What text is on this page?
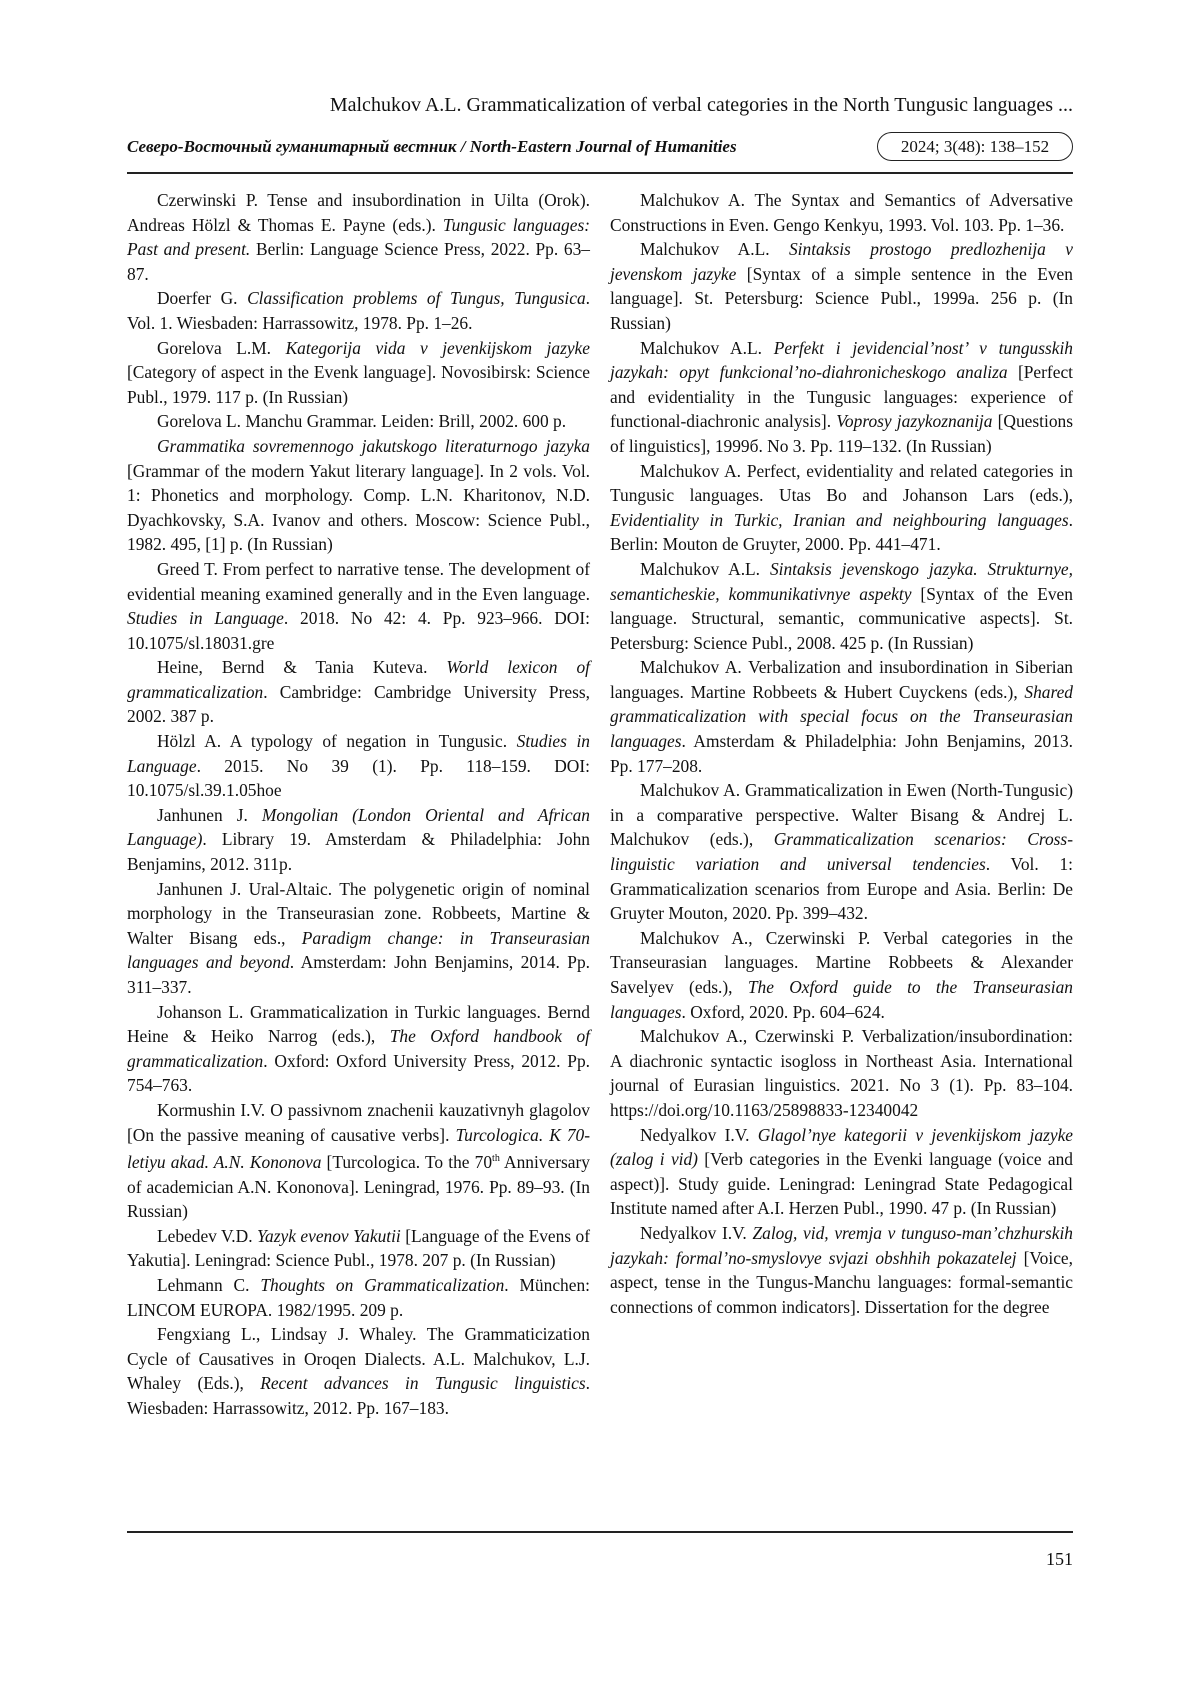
Malchukov A.L. Grammaticalization of verbal categories in the North Tungusic languages ...
Северо-Восточный гуманитарный вестник / North-Eastern Journal of Humanities	2024; 3(48): 138–152

Czerwinski P. Tense and insubordination in Uilta (Orok). Andreas Hölzl & Thomas E. Payne (eds.). Tungusic languages: Past and present. Berlin: Language Science Press, 2022. Pp. 63–87.

Doerfer G. Classification problems of Tungus, Tungusica. Vol. 1. Wiesbaden: Harrassowitz, 1978. Pp. 1–26.

Gorelova L.M. Kategorija vida v jevenkijskom jazyke [Category of aspect in the Evenk language]. Novosibirsk: Science Publ., 1979. 117 p. (In Russian)

Gorelova L. Manchu Grammar. Leiden: Brill, 2002. 600 p.

Grammatika sovremennogo jakutskogo literaturnogo jazyka [Grammar of the modern Yakut literary language]. In 2 vols. Vol. 1: Phonetics and morphology. Comp. L.N. Kharitonov, N.D. Dyachkovsky, S.A. Ivanov and others. Moscow: Science Publ., 1982. 495, [1] p. (In Russian)

Greed T. From perfect to narrative tense. The development of evidential meaning examined generally and in the Even language. Studies in Language. 2018. No 42: 4. Pp. 923–966. DOI: 10.1075/sl.18031.gre

Heine, Bernd & Tania Kuteva. World lexicon of grammaticalization. Cambridge: Cambridge University Press, 2002. 387 p.

Hölzl A. A typology of negation in Tungusic. Studies in Language. 2015. No 39 (1). Pp. 118–159. DOI: 10.1075/sl.39.1.05hoe

Janhunen J. Mongolian (London Oriental and African Language). Library 19. Amsterdam & Philadelphia: John Benjamins, 2012. 311p.

Janhunen J. Ural-Altaic. The polygenetic origin of nominal morphology in the Transeurasian zone. Robbeets, Martine & Walter Bisang eds., Paradigm change: in Transeurasian languages and beyond. Amsterdam: John Benjamins, 2014. Pp. 311–337.

Johanson L. Grammaticalization in Turkic languages. Bernd Heine & Heiko Narrog (eds.), The Oxford handbook of grammaticalization. Oxford: Oxford University Press, 2012. Pp. 754–763.

Kormushin I.V. O passivnom znachenii kauzativnyh glagolov [On the passive meaning of causative verbs]. Turcologica. K 70-letiyu akad. A.N. Kononova [Turcologica. To the 70th Anniversary of academician A.N. Kononova]. Leningrad, 1976. Pp. 89–93. (In Russian)

Lebedev V.D. Yazyk evenov Yakutii [Language of the Evens of Yakutia]. Leningrad: Science Publ., 1978. 207 p. (In Russian)

Lehmann C. Thoughts on Grammaticalization. München: LINCOM EUROPA. 1982/1995. 209 p.

Fengxiang L., Lindsay J. Whaley. The Grammaticization Cycle of Causatives in Oroqen Dialects. A.L. Malchukov, L.J. Whaley (Eds.), Recent advances in Tungusic linguistics. Wiesbaden: Harrassowitz, 2012. Pp. 167–183.

Malchukov A. The Syntax and Semantics of Adversative Constructions in Even. Gengo Kenkyu, 1993. Vol. 103. Pp. 1–36.

Malchukov A.L. Sintaksis prostogo predlozhenija v jevenskom jazyke [Syntax of a simple sentence in the Even language]. St. Petersburg: Science Publ., 1999a. 256 p. (In Russian)

Malchukov A.L. Perfekt i jevidencial’nost’ v tungusskih jazykah: opyt funkcional’no-diahronicheskogo analiza [Perfect and evidentiality in the Tungusic languages: experience of functional-diachronic analysis]. Voprosy jazykoznanija [Questions of linguistics], 1999б. No 3. Pp. 119–132. (In Russian)

Malchukov A. Perfect, evidentiality and related categories in Tungusic languages. Utas Bo and Johanson Lars (eds.), Evidentiality in Turkic, Iranian and neighbouring languages. Berlin: Mouton de Gruyter, 2000. Pp. 441–471.

Malchukov A.L. Sintaksis jevenskogo jazyka. Strukturnye, semanticheskie, kommunikativnye aspekty [Syntax of the Even language. Structural, semantic, communicative aspects]. St. Petersburg: Science Publ., 2008. 425 p. (In Russian)

Malchukov A. Verbalization and insubordination in Siberian languages. Martine Robbeets & Hubert Cuyckens (eds.), Shared grammaticalization with special focus on the Transeurasian languages. Amsterdam & Philadelphia: John Benjamins, 2013. Pp. 177–208.

Malchukov A. Grammaticalization in Ewen (North-Tungusic) in a comparative perspective. Walter Bisang & Andrej L. Malchukov (eds.), Grammaticalization scenarios: Cross-linguistic variation and universal tendencies. Vol. 1: Grammaticalization scenarios from Europe and Asia. Berlin: De Gruyter Mouton, 2020. Pp. 399–432.

Malchukov A., Czerwinski P. Verbal categories in the Transeurasian languages. Martine Robbeets & Alexander Savelyev (eds.), The Oxford guide to the Transeurasian languages. Oxford, 2020. Pp. 604–624.

Malchukov A., Czerwinski P. Verbalization/insubordination: A diachronic syntactic isogloss in Northeast Asia. International journal of Eurasian linguistics. 2021. No 3 (1). Pp. 83–104. https://doi.org/10.1163/25898833-12340042

Nedyalkov I.V. Glagol’nye kategorii v jevenkijskom jazyke (zalog i vid) [Verb categories in the Evenki language (voice and aspect)]. Study guide. Leningrad: Leningrad State Pedagogical Institute named after A.I. Herzen Publ., 1990. 47 p. (In Russian)

Nedyalkov I.V. Zalog, vid, vremja v tunguso-man’chzhurskih jazykah: formal’no-smyslovye svjazi obshhih pokazatelej [Voice, aspect, tense in the Tungus-Manchu languages: formal-semantic connections of common indicators]. Dissertation for the degree

151
